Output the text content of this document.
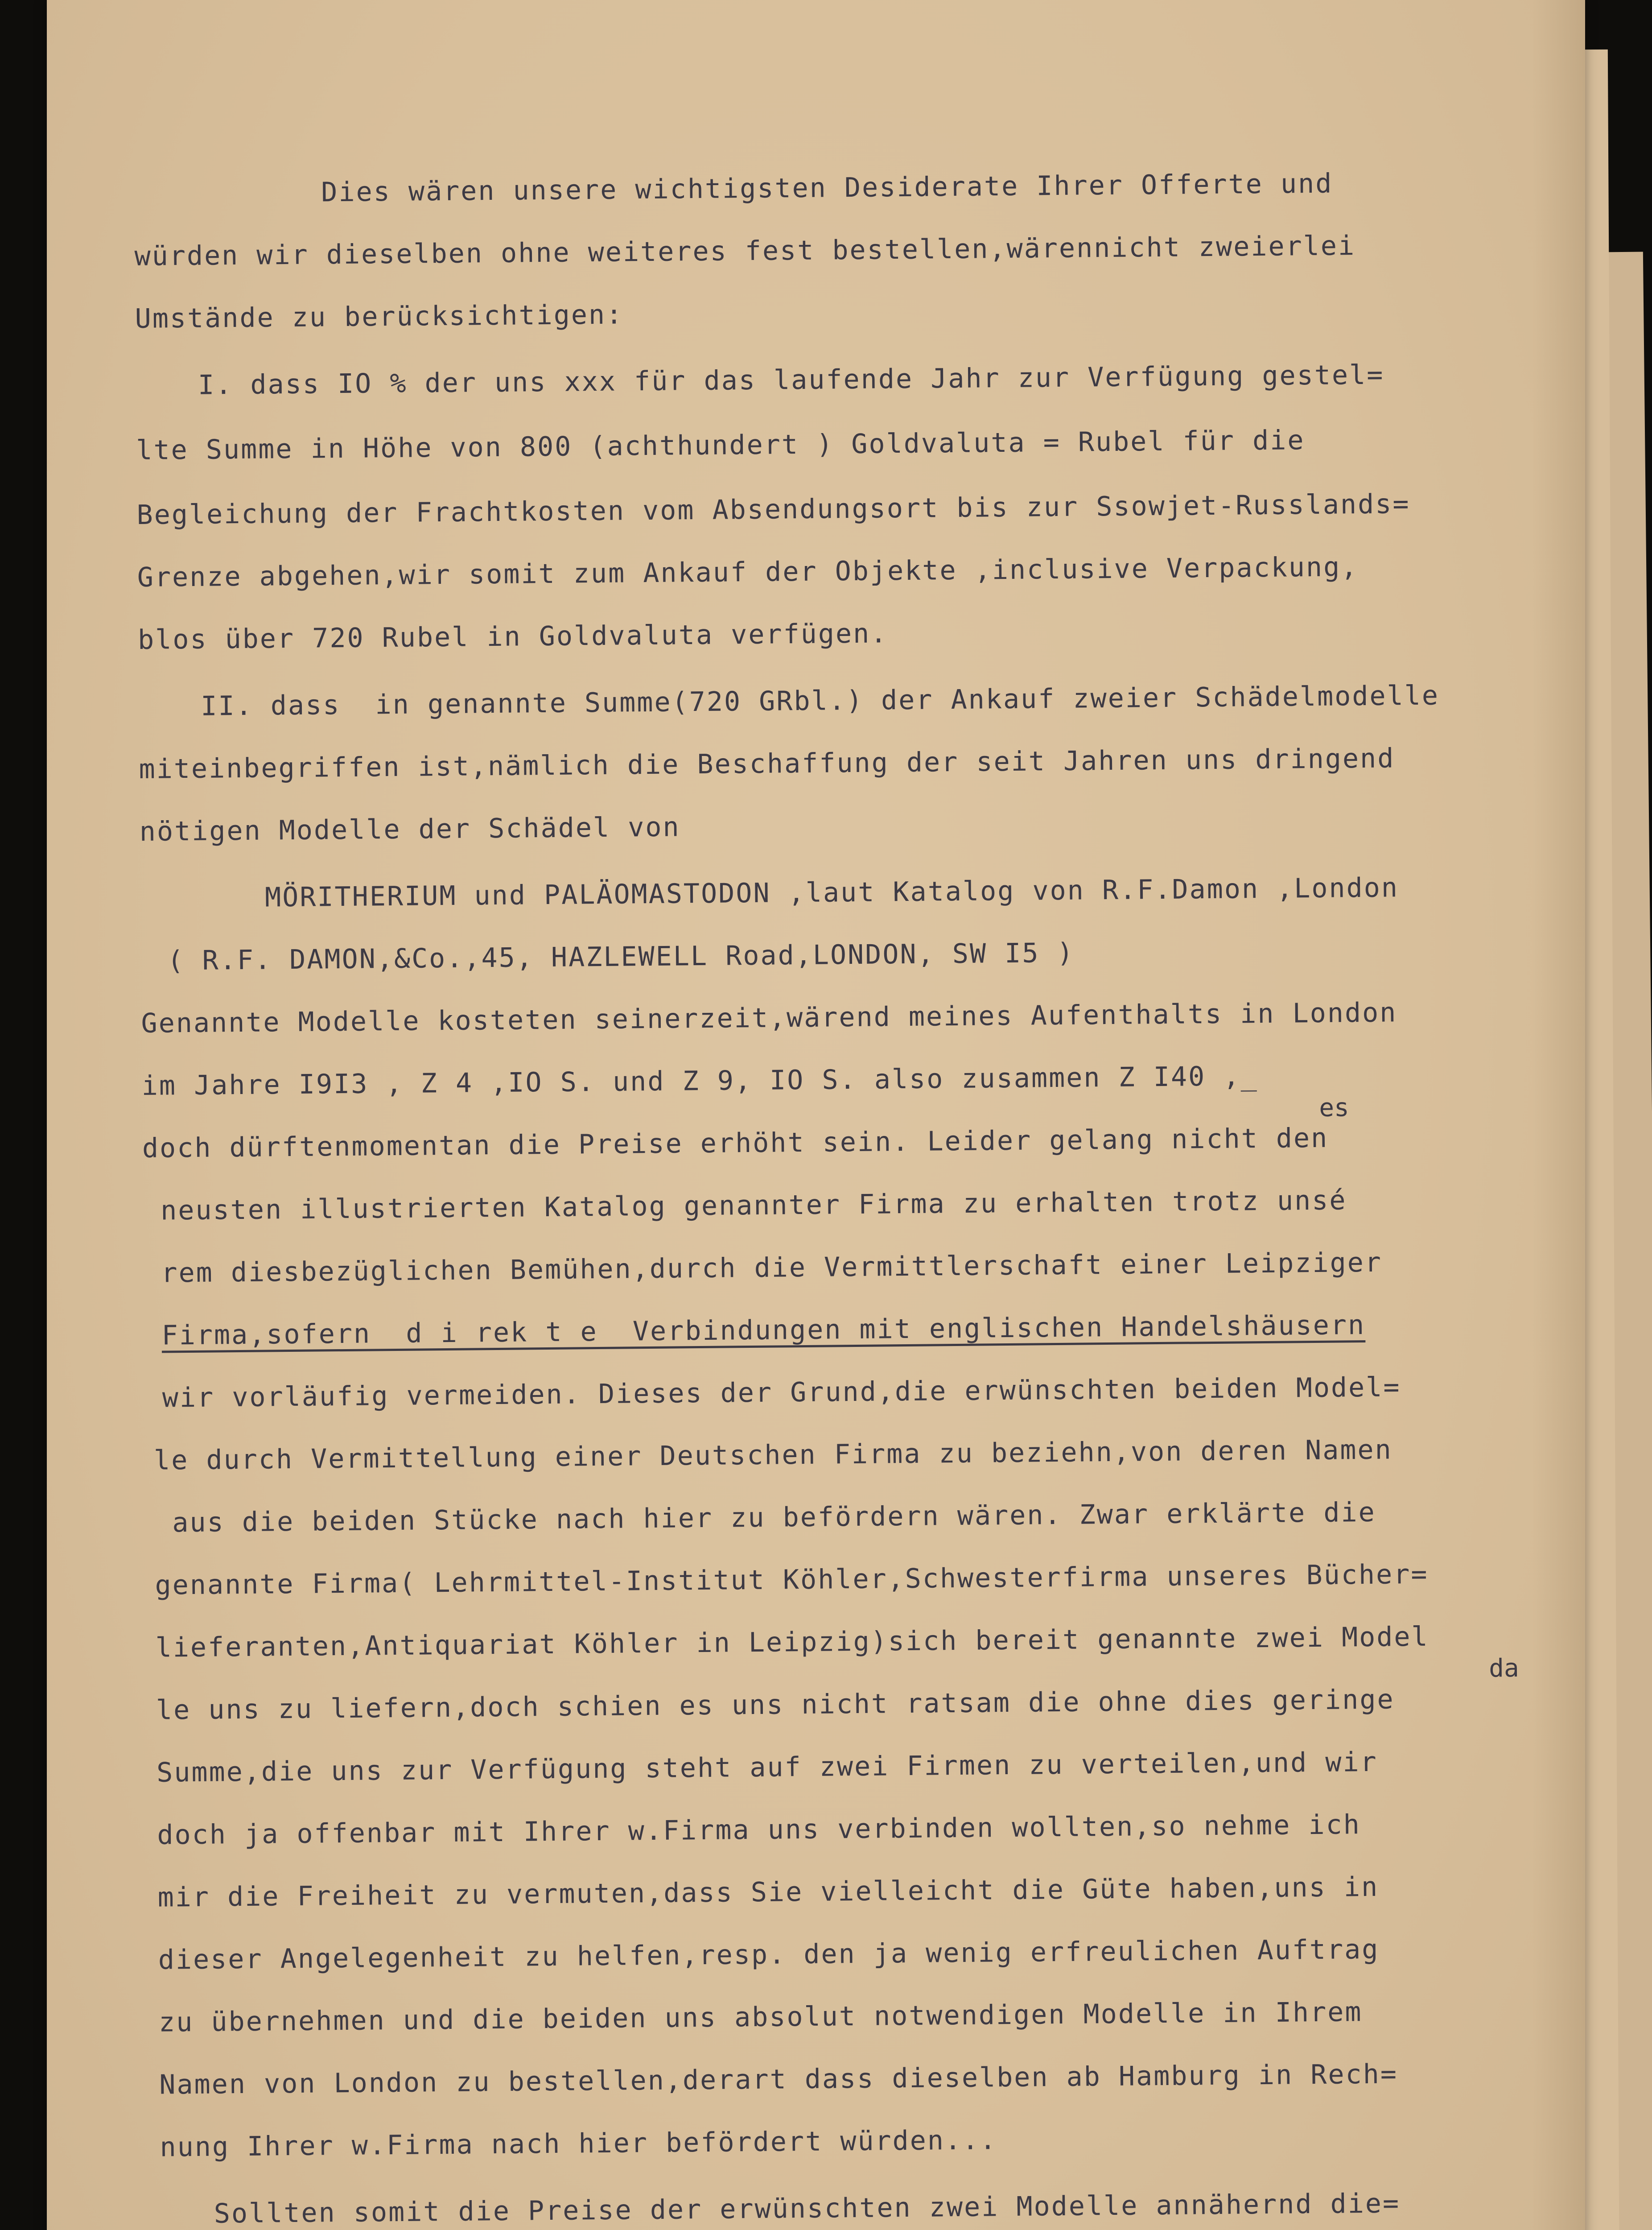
Dies wären unsere wichtigsten Desiderate Ihrer Offerte und
würden wir dieselben ohne weiteres fest bestellen,wärennicht zweierlei
Umstände zu berücksichtigen:
I. dass IO % der uns xxx für das laufende Jahr zur Verfügung gestel=
lte Summe in Höhe von 800 (achthundert ) Goldvaluta = Rubel für die
Begleichung der Frachtkosten vom Absendungsort bis zur Ssowjet-Russlands=
Grenze abgehen,wir somit zum Ankauf der Objekte ,inclusive Verpackung,
blos über 720 Rubel in Goldvaluta verfügen.
II. dass  in genannte Summe(720 GRbl.) der Ankauf zweier Schädelmodelle
miteinbegriffen ist,nämlich die Beschaffung der seit Jahren uns dringend
nötigen Modelle der Schädel von
MÖRITHERIUM und PALÄOMASTODON ,laut Katalog von R.F.Damon ,London
( R.F. DAMON,&Co.,45, HAZLEWELL Road,LONDON, SW I5 )
Genannte Modelle kosteten seinerzeit,wärend meines Aufenthalts in London
im Jahre I9I3 , Z 4 ,IO S. und Z 9, IO S. also zusammen Z I40 ,_
doch dürftenmomentan die Preise erhöht sein. Leider gelang nicht den
es
neusten illustrierten Katalog genannter Firma zu erhalten trotz unsé
rem diesbezüglichen Bemühen,durch die Vermittlerschaft einer Leipziger
Firma,sofern  d i rek t e  Verbindungen mit englischen Handelshäusern
wir vorläufig vermeiden. Dieses der Grund,die erwünschten beiden Model=
le durch Vermittellung einer Deutschen Firma zu beziehn,von deren Namen
aus die beiden Stücke nach hier zu befördern wären. Zwar erklärte die
genannte Firma( Lehrmittel-Institut Köhler,Schwesterfirma unseres Bücher=
lieferanten,Antiquariat Köhler in Leipzig)sich bereit genannte zwei Model
le uns zu liefern,doch schien es uns nicht ratsam die ohne dies geringe
da
Summe,die uns zur Verfügung steht auf zwei Firmen zu verteilen,und wir
doch ja offenbar mit Ihrer w.Firma uns verbinden wollten,so nehme ich
mir die Freiheit zu vermuten,dass Sie vielleicht die Güte haben,uns in
dieser Angelegenheit zu helfen,resp. den ja wenig erfreulichen Auftrag
zu übernehmen und die beiden uns absolut notwendigen Modelle in Ihrem
Namen von London zu bestellen,derart dass dieselben ab Hamburg in Rech=
nung Ihrer w.Firma nach hier befördert würden...
Sollten somit die Preise der erwünschten zwei Modelle annähernd die=
